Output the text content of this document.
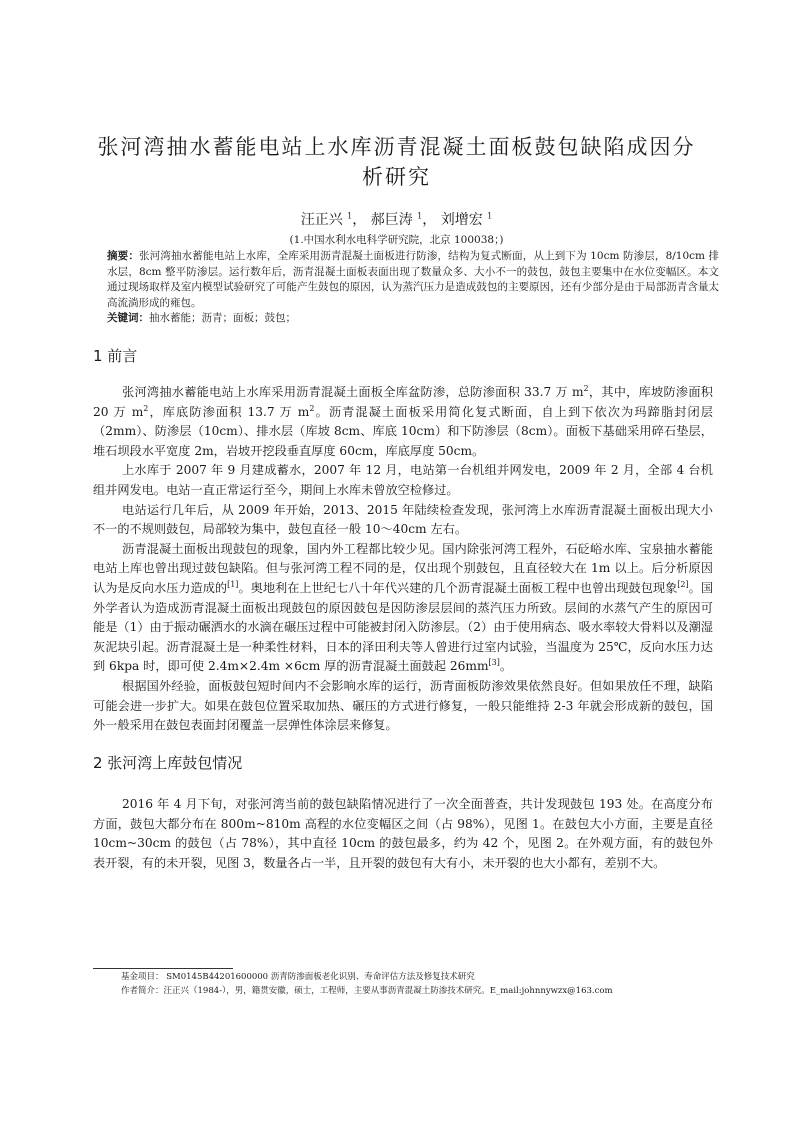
张河湾抽水蓄能电站上水库沥青混凝土面板鼓包缺陷成因分析研究
汪正兴 $^1$， 郝巨涛 $^1$， 刘增宏 $^1$
(1.中国水利水电科学研究院，北京 100038；)

摘要：张河湾抽水蓄能电站上水库，全库采用沥青混凝土面板进行防渗，结构为复式断面，从上到下为 10cm 防渗层，8/10cm 排水层，8cm 整平防渗层。运行数年后，沥青混凝土面板表面出现了数量众多、大小不一的鼓包，鼓包主要集中在水位变幅区。本文通过现场取样及室内模型试验研究了可能产生鼓包的原因，认为蒸汽压力是造成鼓包的主要原因，还有少部分是由于局部沥青含量太高流淌形成的雍包。

关键词：抽水蓄能；沥青；面板；鼓包；

1 前言

张河湾抽水蓄能电站上水库采用沥青混凝土面板全库盆防渗，总防渗面积 33.7 万 $m^2$，其中，库坡防渗面积 20 万 $m^2$，库底防渗面积 13.7 万 $m^2$。沥青混凝土面板采用简化复式断面，自上到下依次为玛蹄脂封闭层（2mm）、防渗层（10cm）、排水层（库坡 8cm、库底 10cm）和下防渗层（8cm）。面板下基础采用碎石垫层，堆石坝段水平宽度 2m，岩坡开挖段垂直厚度 60cm，库底厚度 50cm。

上水库于 2007 年 9 月建成蓄水，2007 年 12 月，电站第一台机组并网发电，2009 年 2 月，全部 4 台机组并网发电。电站一直正常运行至今，期间上水库未曾放空检修过。

电站运行几年后，从 2009 年开始，2013、2015 年陆续检查发现，张河湾上水库沥青混凝土面板出现大小不一的不规则鼓包，局部较为集中，鼓包直径一般 10～40cm 左右。

沥青混凝土面板出现鼓包的现象，国内外工程都比较少见。国内除张河湾工程外，石砭峪水库、宝泉抽水蓄能电站上库也曾出现过鼓包缺陷。但与张河湾工程不同的是，仅出现个别鼓包，且直径较大在 1m 以上。后分析原因认为是反向水压力造成的[1]。奥地利在上世纪七八十年代兴建的几个沥青混凝土面板工程中也曾出现鼓包现象[2]。国外学者认为造成沥青混凝土面板出现鼓包的原因鼓包是因防渗层层间的蒸汽压力所致。层间的水蒸气产生的原因可能是（1）由于振动碾洒水的水滴在碾压过程中可能被封闭入防渗层。（2）由于使用病态、吸水率较大骨料以及潮湿灰泥块引起。沥青混凝土是一种柔性材料，日本的泽田利夫等人曾进行过室内试验，当温度为 25℃，反向水压力达到 6kpa 时，即可使 2.4m×2.4m ×6cm 厚的沥青混凝土面鼓起 26mm[3]。

根据国外经验，面板鼓包短时间内不会影响水库的运行，沥青面板防渗效果依然良好。但如果放任不理，缺陷可能会进一步扩大。如果在鼓包位置采取加热、碾压的方式进行修复，一般只能维持 2-3 年就会形成新的鼓包，国外一般采用在鼓包表面封闭覆盖一层弹性体涂层来修复。

2 张河湾上库鼓包情况

2016 年 4 月下旬，对张河湾当前的鼓包缺陷情况进行了一次全面普查，共计发现鼓包 193 处。在高度分布方面，鼓包大都分布在 800m~810m 高程的水位变幅区之间（占 98%），见图 1。在鼓包大小方面，主要是直径 10cm~30cm 的鼓包（占 78%），其中直径 10cm 的鼓包最多，约为 42 个，见图 2。在外观方面，有的鼓包外表开裂，有的未开裂，见图 3，数量各占一半，且开裂的鼓包有大有小，未开裂的也大小都有，差别不大。

基金项目： SM0145B44201600000 沥青防渗面板老化识别、寿命评估方法及修复技术研究

作者简介：汪正兴（1984-），男，籍贯安徽，硕士，工程师，主要从事沥青混凝土防渗技术研究。E_mail:johnnywzx@163.com
